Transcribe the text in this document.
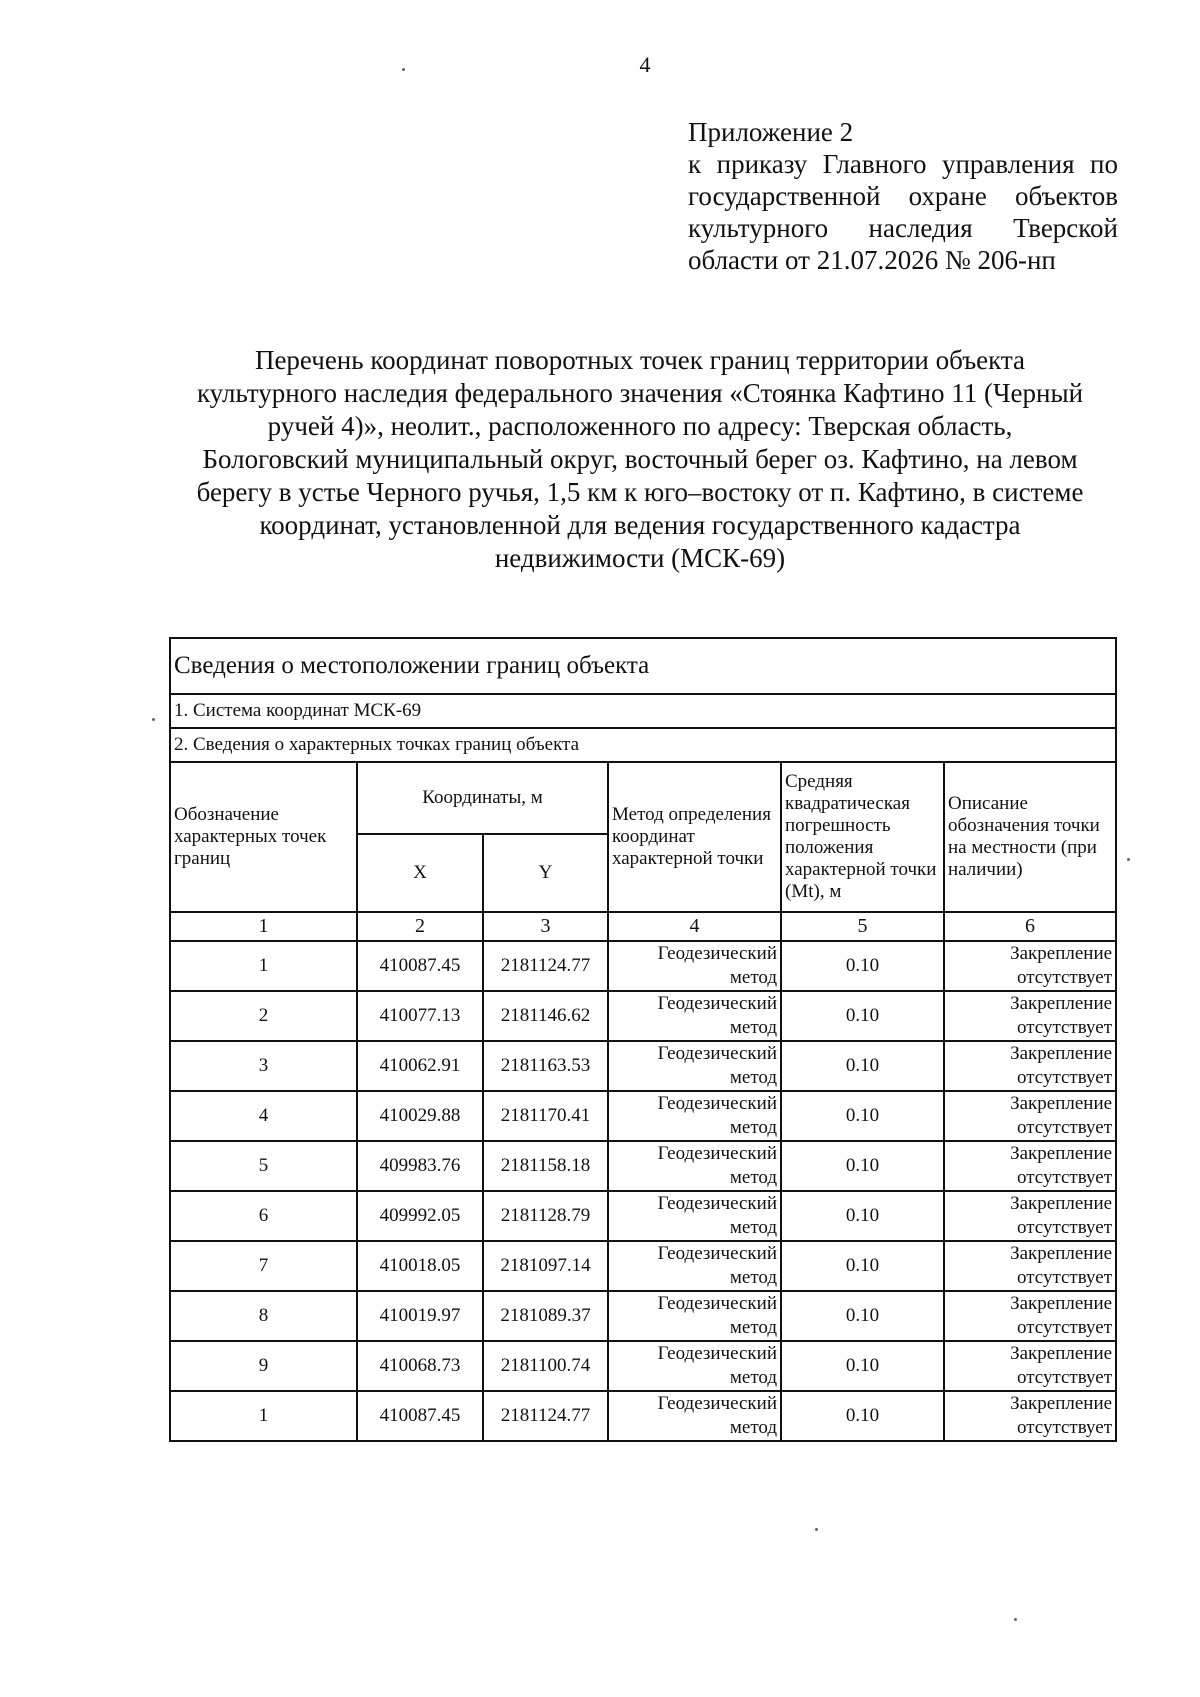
4
Приложение 2
к приказу Главного управления по
государственной охране объектов
культурного наследия Тверской
области от 21.07.2026 № 206-нп
Перечень координат поворотных точек границ территории объекта
культурного наследия федерального значения «Стоянка Кафтино 11 (Черный
ручей 4)», неолит., расположенного по адресу: Тверская область,
Бологовский муниципальный округ, восточный берег оз. Кафтино, на левом
берегу в устье Черного ручья, 1,5 км к юго–востоку от п. Кафтино, в системе
координат, установленной для ведения государственного кадастра
недвижимости (МСК-69)
Сведения о местоположении границ объекта					
1. Система координат МСК-69					
2. Сведения о характерных точках границ объекта					
Обозначение характерных точек границ	Координаты, м		Метод определения координат характерной точки	Средняя квадратическая погрешность положения характерной точки (Mt), м	Описание обозначения точки на местности (при наличии)
	X	Y			
1	2	3	4	5	6
1	410087.45	2181124.77	Геодезический метод	0.10	Закрепление отсутствует
2	410077.13	2181146.62	Геодезический метод	0.10	Закрепление отсутствует
3	410062.91	2181163.53	Геодезический метод	0.10	Закрепление отсутствует
4	410029.88	2181170.41	Геодезический метод	0.10	Закрепление отсутствует
5	409983.76	2181158.18	Геодезический метод	0.10	Закрепление отсутствует
6	409992.05	2181128.79	Геодезический метод	0.10	Закрепление отсутствует
7	410018.05	2181097.14	Геодезический метод	0.10	Закрепление отсутствует
8	410019.97	2181089.37	Геодезический метод	0.10	Закрепление отсутствует
9	410068.73	2181100.74	Геодезический метод	0.10	Закрепление отсутствует
1	410087.45	2181124.77	Геодезический метод	0.10	Закрепление отсутствует
